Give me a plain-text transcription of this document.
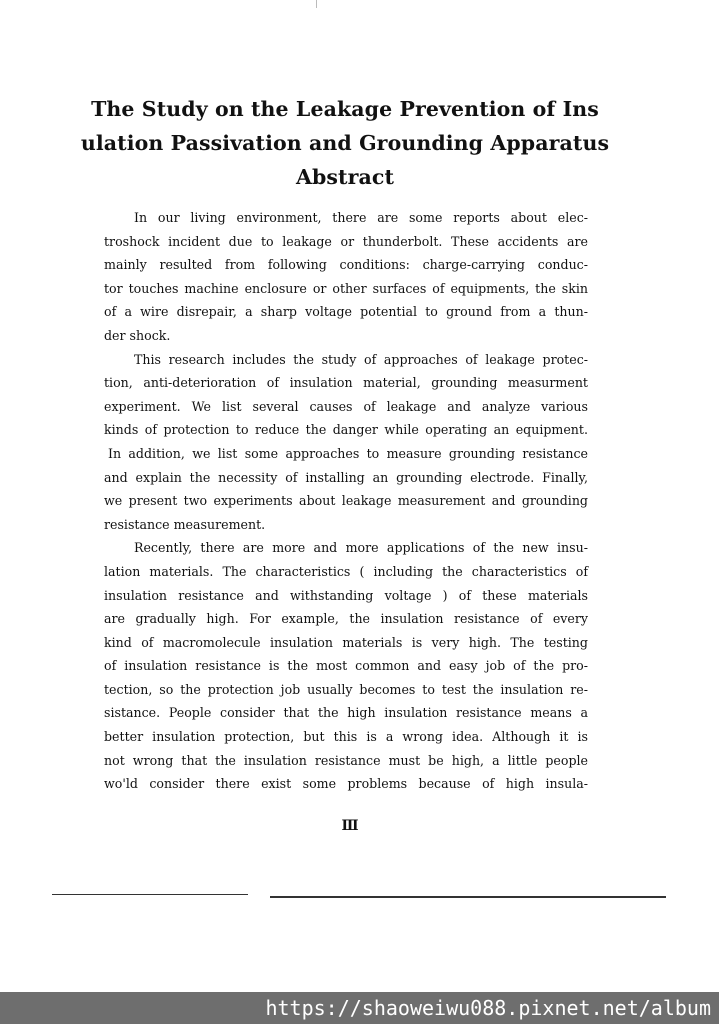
The Study on the Leakage Prevention of Ins
ulation Passivation and Grounding Apparatus
Abstract
In our living environment, there are some reports about elec-
troshock incident due to leakage or thunderbolt. These accidents are
mainly resulted from following conditions: charge-carrying conduc-
tor touches machine enclosure or other surfaces of equipments, the skin
of a wire disrepair, a sharp voltage potential to ground from a thun-
der shock.
This research includes the study of approaches of leakage protec-
tion, anti-deterioration of insulation material, grounding measurment
experiment. We list several causes of leakage and analyze various
kinds of protection to reduce the danger while operating an equipment.
In addition, we list some approaches to measure grounding resistance
and explain the necessity of installing an grounding electrode. Finally,
we present two experiments about leakage measurement and grounding
resistance measurement.
Recently, there are more and more applications of the new insu-
lation materials. The characteristics ( including the characteristics of
insulation resistance and withstanding voltage ) of these materials
are gradually high. For example, the insulation resistance of every
kind of macromolecule insulation materials is very high. The testing
of insulation resistance is the most common and easy job of the pro-
tection, so the protection job usually becomes to test the insulation re-
sistance. People consider that the high insulation resistance means a
better insulation protection, but this is a wrong idea. Although it is
not wrong that the insulation resistance must be high, a little people
wo'ld consider there exist some problems because of high insula-
Ⅲ
https://shaoweiwu088.pixnet.net/album
